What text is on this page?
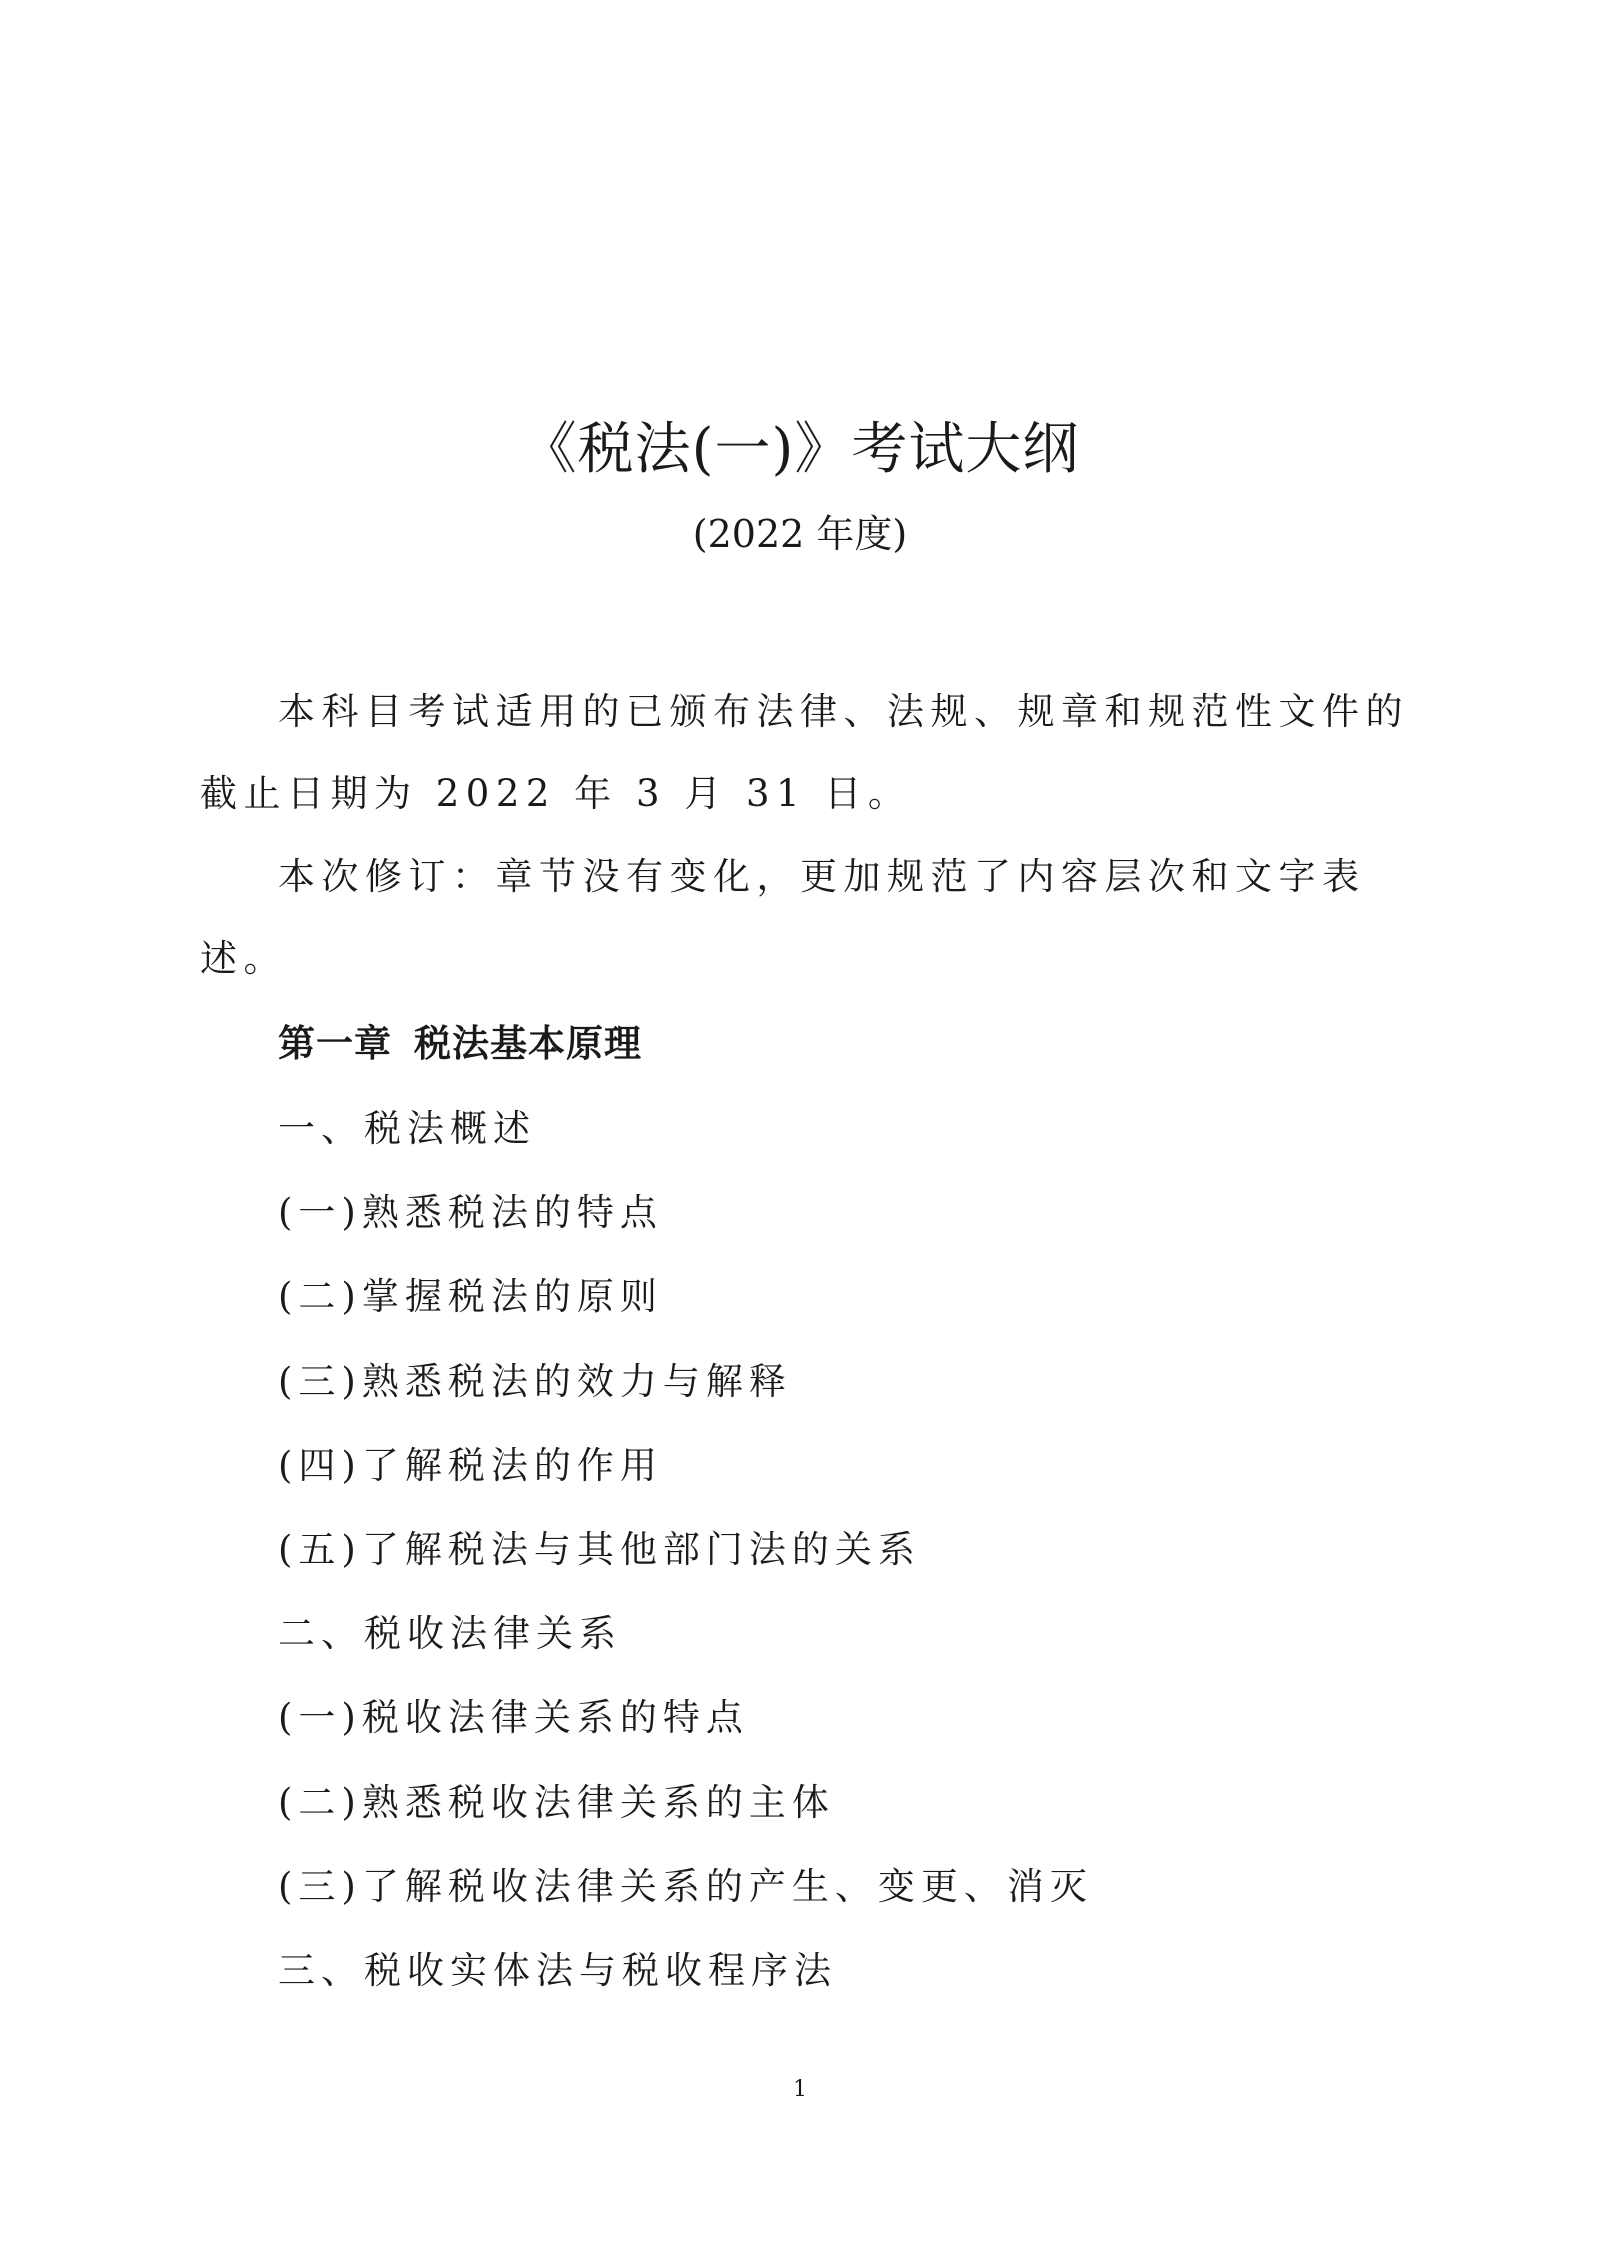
《税法(一)》考试大纲
(2022 年度)

本科目考试适用的已颁布法律、法规、规章和规范性文件的截止日期为 2022 年 3 月 31 日。

本次修订：章节没有变化，更加规范了内容层次和文字表述。

第一章 税法基本原理
一、税法概述
(一)熟悉税法的特点
(二)掌握税法的原则
(三)熟悉税法的效力与解释
(四)了解税法的作用
(五)了解税法与其他部门法的关系
二、税收法律关系
(一)税收法律关系的特点
(二)熟悉税收法律关系的主体
(三)了解税收法律关系的产生、变更、消灭
三、税收实体法与税收程序法
1
